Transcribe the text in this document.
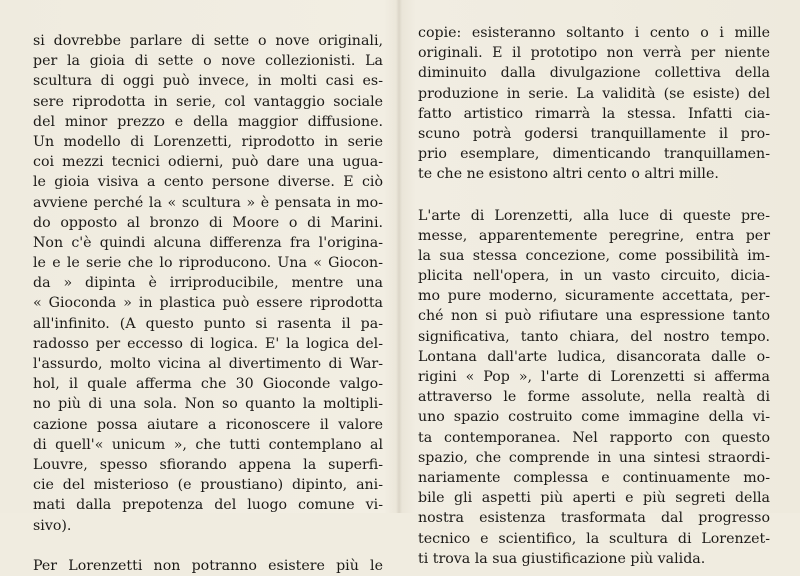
si dovrebbe parlare di sette o nove originali,
per la gioia di sette o nove collezionisti. La
scultura di oggi può invece, in molti casi es-
sere riprodotta in serie, col vantaggio sociale
del minor prezzo e della maggior diffusione.
Un modello di Lorenzetti, riprodotto in serie
coi mezzi tecnici odierni, può dare una ugua-
le gioia visiva a cento persone diverse. E ciò
avviene perché la « scultura » è pensata in mo-
do opposto al bronzo di Moore o di Marini.
Non c'è quindi alcuna differenza fra l'origina-
le e le serie che lo riproducono. Una « Giocon-
da » dipinta è irriproducibile, mentre una
« Gioconda » in plastica può essere riprodotta
all'infinito. (A questo punto si rasenta il pa-
radosso per eccesso di logica. E' la logica del-
l'assurdo, molto vicina al divertimento di War-
hol, il quale afferma che 30 Gioconde valgo-
no più di una sola. Non so quanto la moltipli-
cazione possa aiutare a riconoscere il valore
di quell'« unicum », che tutti contemplano al
Louvre, spesso sfiorando appena la superfi-
cie del misterioso (e proustiano) dipinto, ani-
mati dalla prepotenza del luogo comune vi-
sivo).
Per Lorenzetti non potranno esistere più le
copie: esisteranno soltanto i cento o i mille
originali. E il prototipo non verrà per niente
diminuito dalla divulgazione collettiva della
produzione in serie. La validità (se esiste) del
fatto artistico rimarrà la stessa. Infatti cia-
scuno potrà godersi tranquillamente il pro-
prio esemplare, dimenticando tranquillamen-
te che ne esistono altri cento o altri mille.
L'arte di Lorenzetti, alla luce di queste pre-
messe, apparentemente peregrine, entra per
la sua stessa concezione, come possibilità im-
plicita nell'opera, in un vasto circuito, dicia-
mo pure moderno, sicuramente accettata, per-
ché non si può rifiutare una espressione tanto
significativa, tanto chiara, del nostro tempo.
Lontana dall'arte ludica, disancorata dalle o-
rigini « Pop », l'arte di Lorenzetti si afferma
attraverso le forme assolute, nella realtà di
uno spazio costruito come immagine della vi-
ta contemporanea. Nel rapporto con questo
spazio, che comprende in una sintesi straordi-
nariamente complessa e continuamente mo-
bile gli aspetti più aperti e più segreti della
nostra esistenza trasformata dal progresso
tecnico e scientifico, la scultura di Lorenzet-
ti trova la sua giustificazione più valida.
